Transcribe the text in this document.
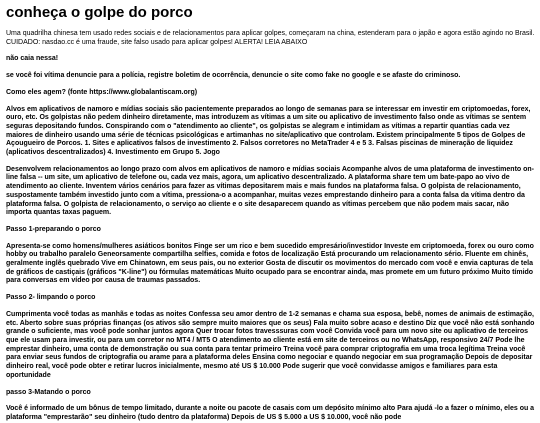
conheça o golpe do porco

Uma quadrilha chinesa tem usado redes sociais e de relacionamentos para aplicar golpes, começaram na china, estenderam para o japão e agora estão agindo no Brasil. CUIDADO: nasdao.cc é uma fraude, site falso usado para aplicar golpes! ALERTA! LEIA ABAIXO

não caia nessa!

se você foi vítima denuncie para a polícia, registre boletim de ocorrência, denuncie o site como fake no google e se afaste do criminoso.

Como eles agem? (fonte https://www.globalantiscam.org)

Alvos em aplicativos de namoro e mídias sociais são pacientemente preparados ao longo de semanas para se interessar em investir em criptomoedas, forex, ouro, etc. Os golpistas não pedem dinheiro diretamente, mas introduzem as vítimas a um site ou aplicativo de investimento falso onde as vítimas se sentem seguras depositando fundos. Conspirando com o "atendimento ao cliente", os golpistas se alegram e intimidam as vítimas a repartir quantias cada vez maiores de dinheiro usando uma série de técnicas psicológicas e artimanhas no site/aplicativo que controlam. Existem principalmente 5 tipos de Golpes de Açougueiro de Porcos. 1. Sites e aplicativos falsos de investimento 2. Falsos corretores no MetaTrader 4 e 5 3. Falsas piscinas de mineração de liquidez (aplicativos descentralizados) 4. Investimento em Grupo 5. Jogo

Desenvolvem relacionamentos ao longo prazo com alvos em aplicativos de namoro e mídias sociais Acompanhe alvos de uma plataforma de investimento on-line falsa -- um site, um aplicativo de telefone ou, cada vez mais, agora, um aplicativo descentralizado. A plataforma share tem um bate-papo ao vivo de atendimento ao cliente. Inventem vários cenários para fazer as vítimas depositarem mais e mais fundos na plataforma falsa. O golpista de relacionamento, suspostamente também investido junto com a vítima, pressiona-o a acompanhar, muitas vezes emprestando dinheiro para a conta falsa da vítima dentro da plataforma falsa. O golpista de relacionamento, o serviço ao cliente e o site desaparecem quando as vítimas percebem que não podem mais sacar, não importa quantas taxas paguem.

Passo 1-preparando o porco

Apresenta-se como homens/mulheres asiáticos bonitos Finge ser um rico e bem sucedido empresário/investidor Investe em criptomoeda, forex ou ouro como hobby ou trabalho paralelo Geneorsamente compartilha selfies, comida e fotos de localização Está procurando um relacionamento sério. Fluente em chinês, geralmente inglês quebrado Vive em Chinatown, em seus pais, ou no exterior Gosta de discutir os movimentos do mercado com você e envia capturas de tela de gráficos de castiçais (gráficos "K-line") ou fórmulas matemáticas Muito ocupado para se encontrar ainda, mas promete em um futuro próximo Muito tímido para conversas em vídeo por causa de traumas passados.

Passo 2- limpando o porco

Cumprimenta você todas as manhãs e todas as noites Confessa seu amor dentro de 1-2 semanas e chama sua esposa, bebê, nomes de animais de estimação, etc. Aberto sobre suas próprias finanças (os ativos são sempre muito maiores que os seus) Fala muito sobre acaso e destino Diz que você não está sonhando grande o suficiente, mas você pode sonhar juntos agora Quer trocar fotos travesssuras com você Convida você para um novo site ou aplicativo de terceiros que ele usam para investir, ou para um corretor no MT4 / MT5 O atendimento ao cliente está em site de terceiros ou no WhatsApp, responsivo 24/7 Pode lhe emprestar dinheiro, uma conta de demonstração ou sua conta para tentar primeiro Treina você para comprar criptografia em uma troca legítima Treina você para enviar seus fundos de criptografia ou arame para a plataforma deles Ensina como negociar e quando negociar em sua programação Depois de depositar dinheiro real, você pode obter e retirar lucros inicialmente, mesmo até US $ 10.000 Pode sugerir que você convidasse amigos e familiares para esta oportunidade

passo 3-Matando o porco

Você é informado de um bônus de tempo limitado, durante a noite ou pacote de casais com um depósito mínimo alto Para ajudá -lo a fazer o mínimo, eles ou a plataforma "emprestarão" seu dinheiro (tudo dentro da plataforma) Depois de US $ 5.000 a US $ 10.000, você não pode
